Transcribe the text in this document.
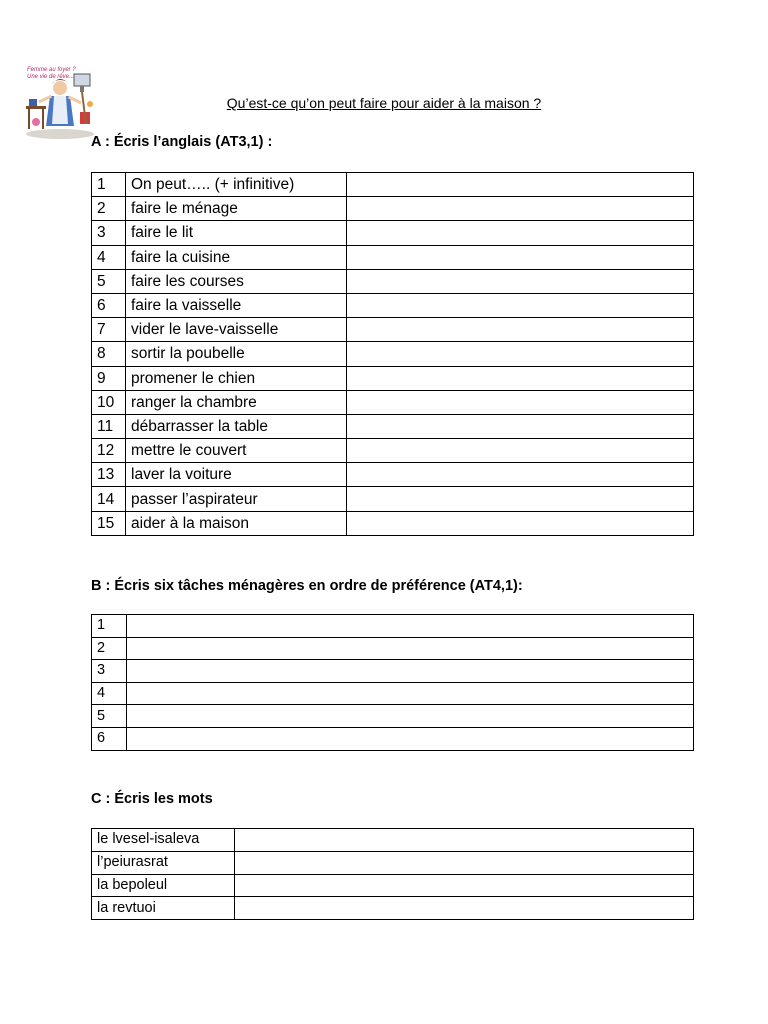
Femme au foyer ?
Une vie de rêve...
Qu’est-ce qu’on peut faire pour aider à la maison ?
A : Écris l’anglais (AT3,1) :
1	On peut….. (+ infinitive)	
2	faire le ménage	
3	faire le lit	
4	faire la cuisine	
5	faire les courses	
6	faire la vaisselle	
7	vider le lave-vaisselle	
8	sortir la poubelle	
9	promener le chien	
10	ranger la chambre	
11	débarrasser la table	
12	mettre le couvert	
13	laver la voiture	
14	passer l’aspirateur	
15	aider à la maison	
B : Écris six tâches ménagères en ordre de préférence (AT4,1):
1	
2	
3	
4	
5	
6	
C : Écris les mots
le lvesel-isaleva	
l’peiurasrat	
la bepoleul	
la revtuoi	
